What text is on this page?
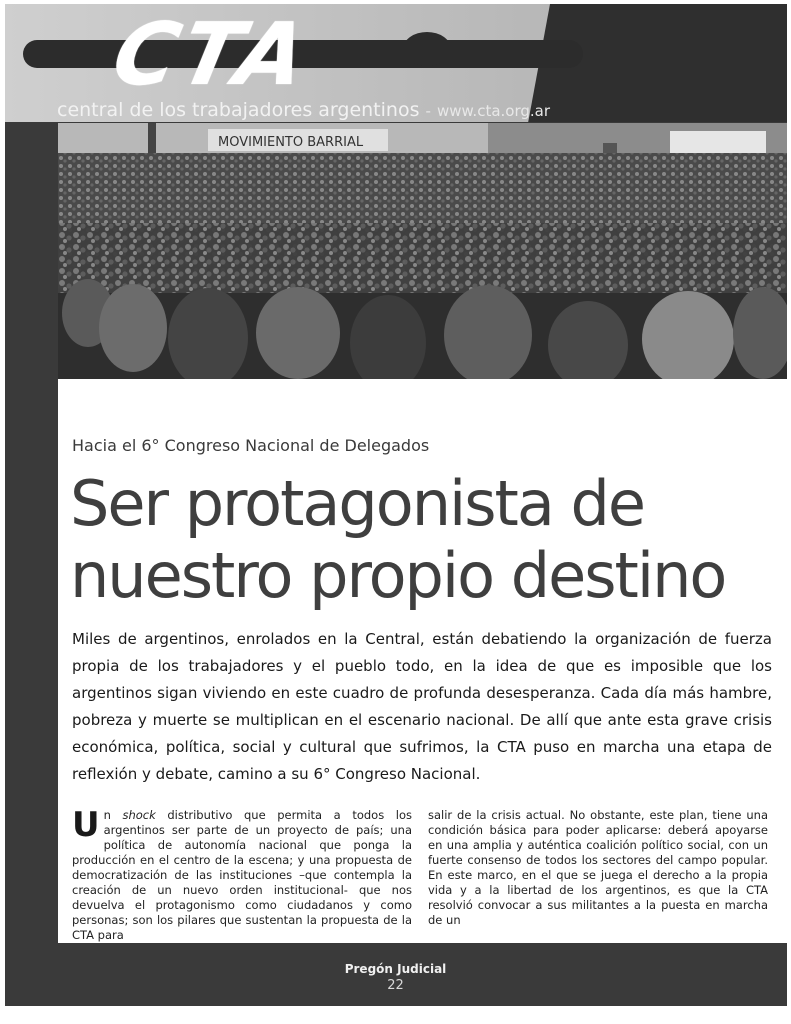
CTA
central de los trabajadores argentinos - www.cta.org.ar
MOVIMIENTO BARRIAL
Hacia el 6° Congreso Nacional de Delegados
Ser protagonista de
nuestro propio destino

Miles de argentinos, enrolados en la Central, están debatiendo la organización de fuerza propia de los trabajadores y el pueblo todo, en la idea de que es imposible que los argentinos sigan viviendo en este cuadro de profunda desesperanza. Cada día más hambre, pobreza y muerte se multiplican en el escenario nacional. De allí que ante esta grave crisis económica, política, social y cultural que sufrimos, la CTA puso en marcha una etapa de reflexión y debate, camino a su 6° Congreso Nacional.

Un shock distributivo que permita a todos los argentinos ser parte de un proyecto de país; una política de autonomía nacional que ponga la producción en el centro de la escena; y una propuesta de democratización de las instituciones –que contempla la creación de un nuevo orden institucional- que nos devuelva el protagonismo como ciudadanos y como personas; son los pilares que sustentan la propuesta de la CTA para

salir de la crisis actual. No obstante, este plan, tiene una condición básica para poder aplicarse: deberá apoyarse en una amplia y auténtica coalición político social, con un fuerte consenso de todos los sectores del campo popular. En este marco, en el que se juega el derecho a la propia vida y a la libertad de los argentinos, es que la CTA resolvió convocar a sus militantes a la puesta en marcha de un

Pregón Judicial
22
